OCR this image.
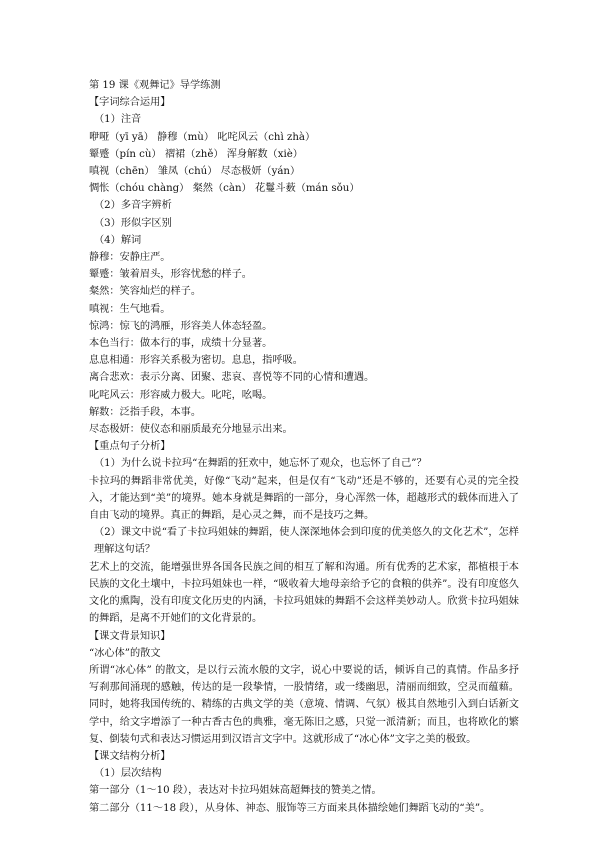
第 19 课《观舞记》导学练测
【字词综合运用】
（1）注音
咿哑（yī yā） 静穆（mù） 叱咤风云（chì zhà）
颦蹙（pín cù） 褶裙（zhě） 浑身解数（xiè）
嗔视（chēn） 雏凤（chú） 尽态极妍（yán）
惆怅（chóu chàng） 粲然（càn） 花鬘斗薮（mán sǒu）
（2）多音字辨析
（3）形似字区别
（4）解词
静穆：安静庄严。
颦蹙：皱着眉头，形容忧愁的样子。
粲然：笑容灿烂的样子。
嗔视：生气地看。
惊鸿：惊飞的鸿雁，形容美人体态轻盈。
本色当行：做本行的事，成绩十分显著。
息息相通：形容关系极为密切。息息，指呼吸。
离合悲欢：表示分离、团聚、悲哀、喜悦等不同的心情和遭遇。
叱咤风云：形容威力极大。叱咤，吆喝。
解数：泛指手段，本事。
尽态极妍：使仪态和丽质最充分地显示出来。
【重点句子分析】
（1）为什么说卡拉玛“在舞蹈的狂欢中，她忘怀了观众，也忘怀了自己”？
卡拉玛的舞蹈非常优美，好像“飞动”起来，但是仅有“飞动”还是不够的，还要有心灵的完全投入，才能达到“美”的境界。她本身就是舞蹈的一部分，身心浑然一体，超越形式的载体而进入了自由飞动的境界。真正的舞蹈，是心灵之舞，而不是技巧之舞。
（2）课文中说“看了卡拉玛姐妹的舞蹈，使人深深地体会到印度的优美悠久的文化艺术”，怎样理解这句话？
艺术上的交流，能增强世界各国各民族之间的相互了解和沟通。所有优秀的艺术家，都植根于本民族的文化土壤中，卡拉玛姐妹也一样，“吸收着大地母亲给予它的食粮的供养”。没有印度悠久文化的熏陶，没有印度文化历史的内涵，卡拉玛姐妹的舞蹈不会这样美妙动人。欣赏卡拉玛姐妹的舞蹈，是离不开她们的文化背景的。
【课文背景知识】
“冰心体”的散文
所谓“冰心体” 的散文，是以行云流水般的文字，说心中要说的话，倾诉自己的真情。作品多抒写刹那间涌现的感触，传达的是一段挚情，一股情绪，或一缕幽思，清丽而细致，空灵而蕴藉。同时，她将我国传统的、精练的古典文学的美（意境、情调、气氛）极其自然地引入到白话新文学中，给文字增添了一种古香古色的典雅，毫无陈旧之感，只觉一派清新；而且，也将欧化的繁复、倒装句式和表达习惯运用到汉语言文字中。这就形成了“冰心体”文字之美的极致。
【课文结构分析】
（1）层次结构
第一部分（1～10 段），表达对卡拉玛姐妹高超舞技的赞美之情。
第二部分（11～18 段），从身体、神态、服饰等三方面来具体描绘她们舞蹈飞动的“美”。
